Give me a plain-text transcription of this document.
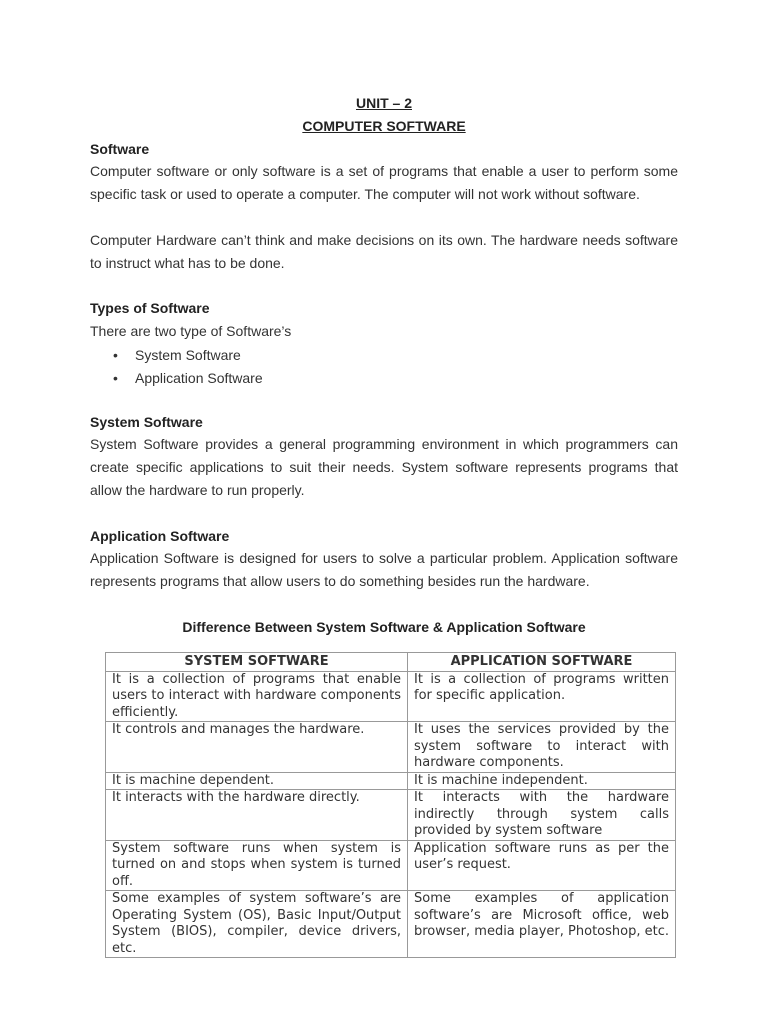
UNIT – 2
COMPUTER SOFTWARE
Software

Computer software or only software is a set of programs that enable a user to perform some specific task or used to operate a computer. The computer will not work without software.

Computer Hardware can’t think and make decisions on its own. The hardware needs software to instruct what has to be done.

Types of Software
There are two type of Software’s
• System Software
• Application Software
System Software

System Software provides a general programming environment in which programmers can create specific applications to suit their needs. System software represents programs that allow the hardware to run properly.

Application Software

Application Software is designed for users to solve a particular problem. Application software represents programs that allow users to do something besides run the hardware.

Difference Between System Software & Application Software
SYSTEM SOFTWARE	APPLICATION SOFTWARE
It is a collection of programs that enable users to interact with hardware components efficiently.	It is a collection of programs written for specific application.
It controls and manages the hardware.	It uses the services provided by the system software to interact with hardware components.
It is machine dependent.	It is machine independent.
It interacts with the hardware directly.	It interacts with the hardware indirectly through system calls provided by system software
System software runs when system is turned on and stops when system is turned off.	Application software runs as per the user’s request.
Some examples of system software’s are Operating System (OS), Basic Input/Output System (BIOS), compiler, device drivers, etc.	Some examples of application software’s are Microsoft office, web browser, media player, Photoshop, etc.
